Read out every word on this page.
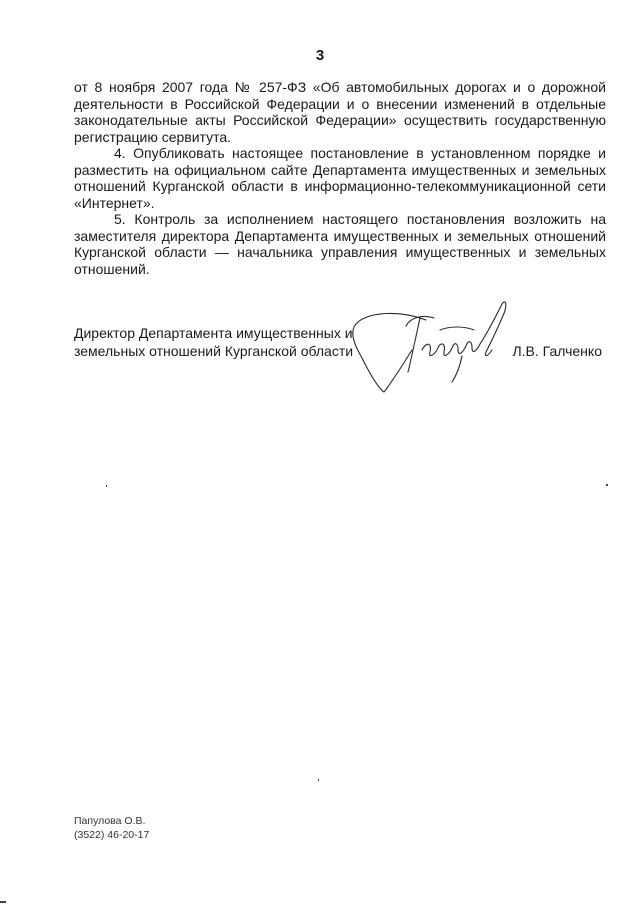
3

от 8 ноября 2007 года № 257-ФЗ «Об автомобильных дорогах и о дорожной деятельности в Российской Федерации и о внесении изменений в отдельные законодательные акты Российской Федерации» осуществить государственную регистрацию сервитута.

4. Опубликовать настоящее постановление в установленном порядке и разместить на официальном сайте Департамента имущественных и земельных отношений Курганской области в информационно-телекоммуникационной сети «Интернет».

5. Контроль за исполнением настоящего постановления возложить на заместителя директора Департамента имущественных и земельных отношений Курганской области — начальника управления имущественных и земельных отношений.

Директор Департамента имущественных и
земельных отношений Курганской области	Л.В. Галченко
Папулова О.В.
(3522) 46-20-17
